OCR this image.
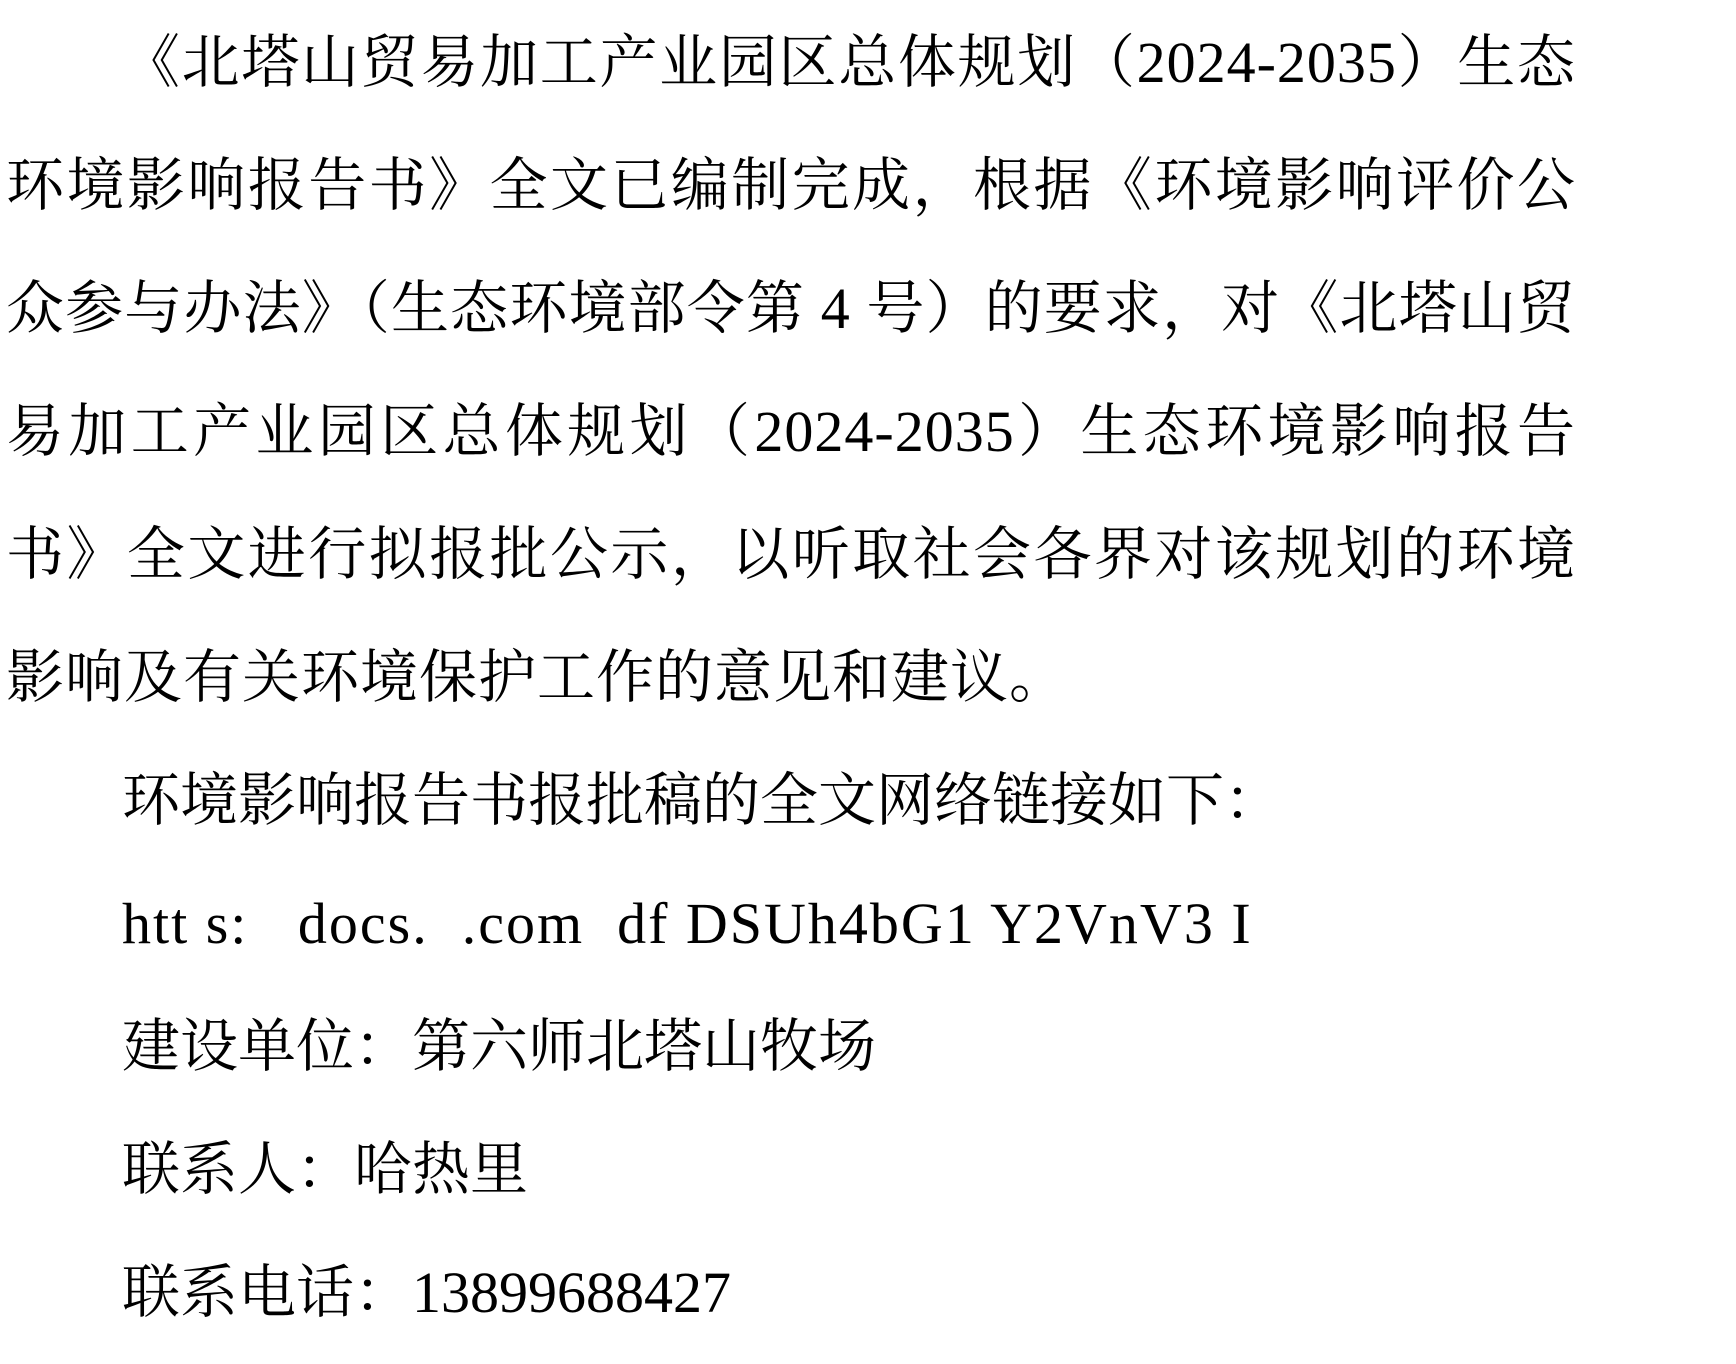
《北塔山贸易加工产业园区总体规划（2024-2035）生态环境影响报告书》全文已编制完成，根据《环境影响评价公众参与办法》（生态环境部令第 4 号）的要求，对《北塔山贸易加工产业园区总体规划（2024-2035）生态环境影响报告书》全文进行拟报批公示，以听取社会各界对该规划的环境影响及有关环境保护工作的意见和建议。

环境影响报告书报批稿的全文网络链接如下：

htt s:   docs.  .com  df DSUh4bG1 Y2VnV3 I

建设单位：第六师北塔山牧场

联系人：哈热里

联系电话：13899688427
